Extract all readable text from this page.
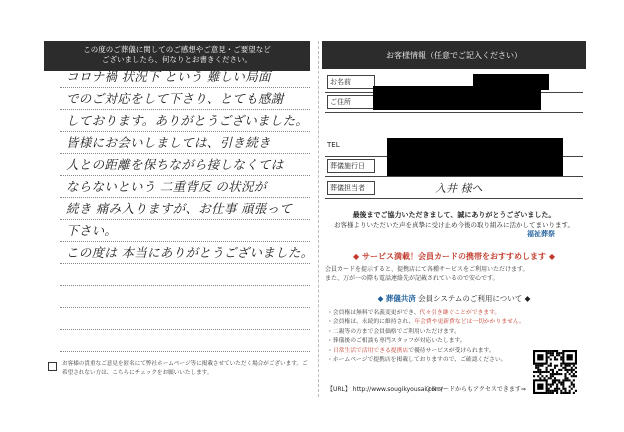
この度のご葬儀に関してのご感想やご意見・ご要望など
ございましたら、何なりとお書きください。
コロナ禍 状況下 という 難しい局面
でのご対応をして下さり、とても感謝
しております。ありがとうございました。
皆様にお会いしましては、引き続き
人との距離を保ちながら接しなくては
ならないという 二重背反 の状況が
続き 痛み入りますが、お仕事 頑張って
下さい。
この度は 本当にありがとうございました。
お客様の貴重なご意見を匿名にて弊社ホームページ等に掲載させていただく場合がございます。ご希望されない方は、こちらにチェックをお願いいたします。
お客様情報（任意でご記入ください）
お名前
ご住所
TEL
葬儀施行日
葬儀担当者	入井 様へ
最後までご協力いただきまして、誠にありがとうございました。
お客様よりいただいた声を真摯に受け止め今後の取り組みに活かしてまいります。
福祉葬祭
◆ サービス満載！会員カードの携帯をおすすめします ◆
会員カードを提示すると、提携店にて各種サービスをご利用いただけます。
また、万が一の際も電話連絡先が記載されているので安心です。
◆ 葬儀共済 会員システムのご利用について ◆
・会員権は無料で名義変更ができ、代々引き継ぐことができます。
・会員権は、永続的に維持され、年会費や更新費などは一切かかりません。
・二親等の方まで会員価格でご利用いただけます。
・葬儀後のご相談も専門スタッフが対応いたします。
・日常生活で活用できる提携店で優待サービスが受けられます。
・ホームページで提携店を掲載しておりますので、ご確認ください。
【URL】 http://www.sougikyousai.com/
ＱＲコードからもアクセスできます⇒
